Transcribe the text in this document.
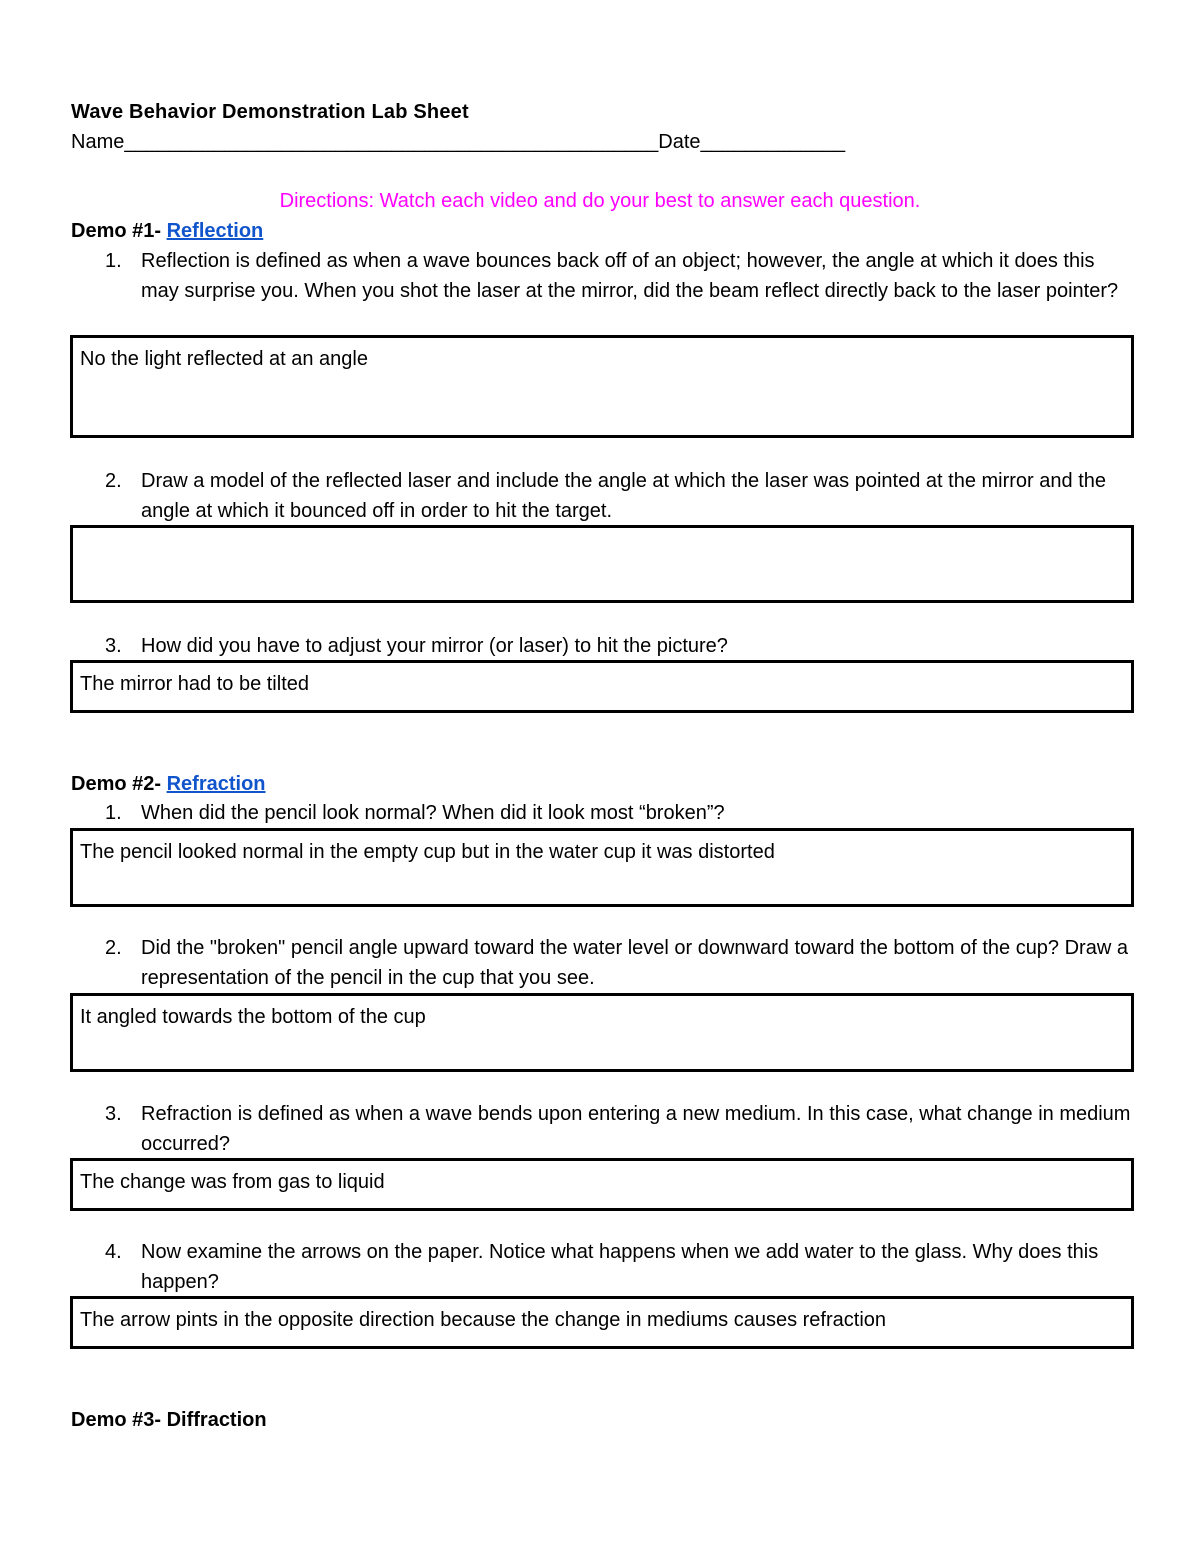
Wave Behavior Demonstration Lab Sheet
Name________________________________________________Date_____________
Directions: Watch each video and do your best to answer each question.
Demo #1- Reflection
1. Reflection is defined as when a wave bounces back off of an object; however, the angle at which it does this may surprise you. When you shot the laser at the mirror, did the beam reflect directly back to the laser pointer?
No the light reflected at an angle
2. Draw a model of the reflected laser and include the angle at which the laser was pointed at the mirror and the angle at which it bounced off in order to hit the target.
3. How did you have to adjust your mirror (or laser) to hit the picture?
The mirror had to be tilted
Demo #2- Refraction
1. When did the pencil look normal? When did it look most “broken”?
The pencil looked normal in the empty cup but in the water cup it was distorted
2. Did the "broken" pencil angle upward toward the water level or downward toward the bottom of the cup? Draw a representation of the pencil in the cup that you see.
It angled towards the bottom of the cup
3. Refraction is defined as when a wave bends upon entering a new medium. In this case, what change in medium occurred?
The change was from gas to liquid
4. Now examine the arrows on the paper. Notice what happens when we add water to the glass. Why does this happen?
The arrow pints in the opposite direction because the change in mediums causes refraction
Demo #3- Diffraction
